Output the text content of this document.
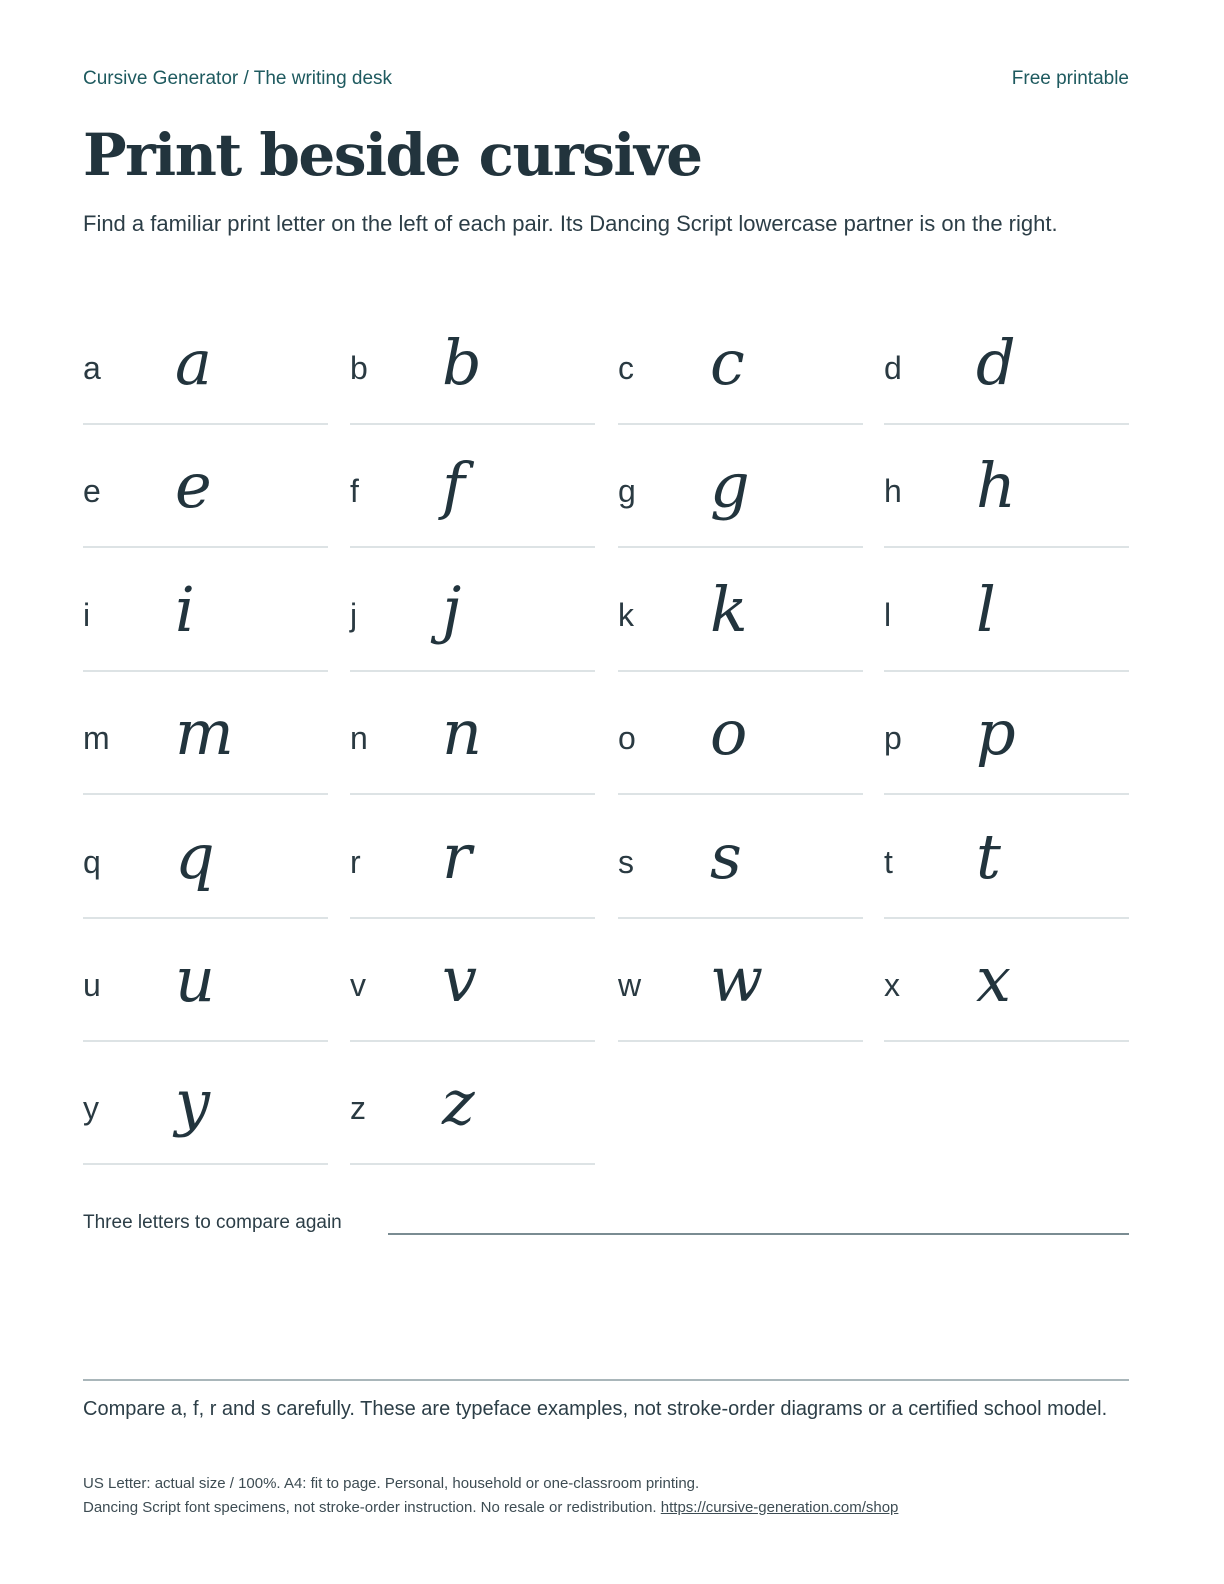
Cursive Generator / The writing desk	Free printable
Print beside cursive

Find a familiar print letter on the left of each pair. Its Dancing Script lowercase partner is on the right.

a a	b b	c c	d d
e e	f f	g g	h h
i i	j j	k k	l l
m m	n n	o o	p p
q q	r r	s s	t t
u u	v v	w w	x x
y y	z z
Three letters to compare again

Compare a, f, r and s carefully. These are typeface examples, not stroke-order diagrams or a certified school model.

US Letter: actual size / 100%. A4: fit to page. Personal, household or one-classroom printing.
Dancing Script font specimens, not stroke-order instruction. No resale or redistribution. https://cursive-generation.com/shop
